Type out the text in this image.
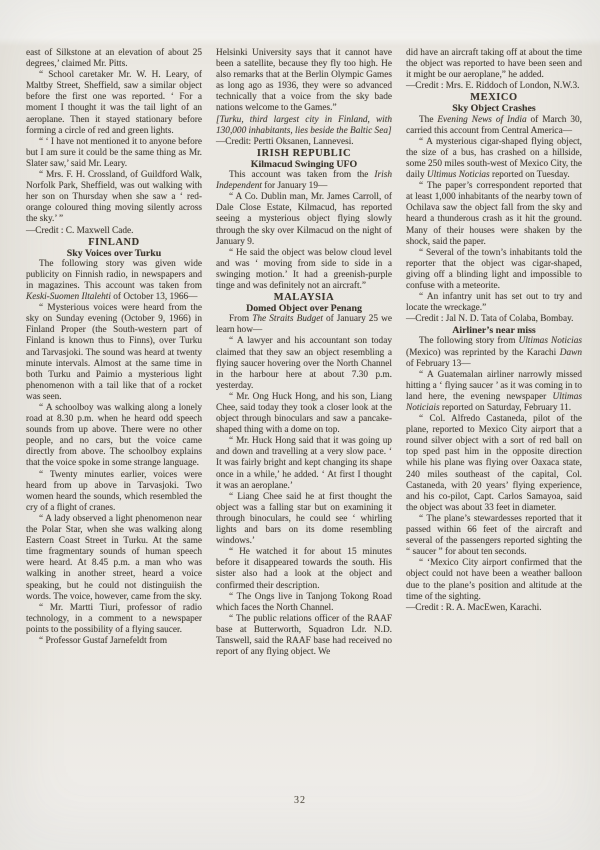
east of Silkstone at an elevation of about 25 degrees,’ claimed Mr. Pitts.

“ School caretaker Mr. W. H. Leary, of Maltby Street, Sheffield, saw a similar object before the first one was reported. ‘ For a moment I thought it was the tail light of an aeroplane. Then it stayed stationary before forming a circle of red and green lights.

“ ‘ I have not mentioned it to anyone before but I am sure it could be the same thing as Mr. Slater saw,’ said Mr. Leary.

“ Mrs. F. H. Crossland, of Guildford Walk, Norfolk Park, Sheffield, was out walking with her son on Thursday when she saw a ‘ red-orange coloured thing moving silently across the sky.’ ”

—Credit : C. Maxwell Cade.

FINLAND
Sky Voices over Turku

The following story was given wide publicity on Finnish radio, in newspapers and in magazines. This account was taken from Keski-Suomen Iltalehti of October 13, 1966—

“ Mysterious voices were heard from the sky on Sunday evening (October 9, 1966) in Finland Proper (the South-western part of Finland is known thus to Finns), over Turku and Tarvasjoki. The sound was heard at twenty minute intervals. Almost at the same time in both Turku and Paimio a mysterious light phenomenon with a tail like that of a rocket was seen.

“ A schoolboy was walking along a lonely road at 8.30 p.m. when he heard odd speech sounds from up above. There were no other people, and no cars, but the voice came directly from above. The schoolboy explains that the voice spoke in some strange language.

“ Twenty minutes earlier, voices were heard from up above in Tarvasjoki. Two women heard the sounds, which resembled the cry of a flight of cranes.

“ A lady observed a light phenomenon near the Polar Star, when she was walking along Eastern Coast Street in Turku. At the same time fragmentary sounds of human speech were heard. At 8.45 p.m. a man who was walking in another street, heard a voice speaking, but he could not distinguiish the words. The voice, however, came from the sky.

“ Mr. Martti Tiuri, professor of radio technology, in a comment to a newspaper points to the possibility of a flying saucer.

“ Professor Gustaf Jarnefeldt from

Helsinki University says that it cannot have been a satellite, because they fly too high. He also remarks that at the Berlin Olympic Games as long ago as 1936, they were so advanced technically that a voice from the sky bade nations welcome to the Games.”

[Turku, third largest city in Finland, with 130,000 inhabitants, lies beside the Baltic Sea]

—Credit: Pertti Oksanen, Lannevesi.

IRISH REPUBLIC
Kilmacud Swinging UFO

This account was taken from the Irish Independent for January 19—

“ A Co. Dublin man, Mr. James Carroll, of Dale Close Estate, Kilmacud, has reported seeing a mysterious object flying slowly through the sky over Kilmacud on the night of January 9.

“ He said the object was below cloud level and was ‘ moving from side to side in a swinging motion.’ It had a greenish-purple tinge and was definitely not an aircraft.”

MALAYSIA
Domed Object over Penang

From The Straits Budget of January 25 we learn how—

“ A lawyer and his accountant son today claimed that they saw an object resembling a flying saucer hovering over the North Channel in the harbour here at about 7.30 p.m. yesterday.

“ Mr. Ong Huck Hong, and his son, Liang Chee, said today they took a closer look at the object through binoculars and saw a pancake-shaped thing with a dome on top.

“ Mr. Huck Hong said that it was going up and down and travelling at a very slow pace. ‘ It was fairly bright and kept changing its shape once in a while,’ he added. ‘ At first I thought it was an aeroplane.’

“ Liang Chee said he at first thought the object was a falling star but on examining it through binoculars, he could see ‘ whirling lights and bars on its dome resembling windows.’

“ He watched it for about 15 minutes before it disappeared towards the south. His sister also had a look at the object and confirmed their description.

“ The Ongs live in Tanjong Tokong Road which faces the North Channel.

“ The public relations officer of the RAAF base at Butterworth, Squadron Ldr. N.D. Tanswell, said the RAAF base had received no report of any flying object. We

did have an aircraft taking off at about the time the object was reported to have been seen and it might be our aeroplane,” he added.

—Credit : Mrs. E. Riddoch of London, N.W.3.

MEXICO
Sky Object Crashes

The Evening News of India of March 30, carried this account from Central America—

“ A mysterious cigar-shaped flying object, the size of a bus, has crashed on a hillside, some 250 miles south-west of Mexico City, the daily Ultimus Noticias reported on Tuesday.

“ The paper’s correspondent reported that at least 1,000 inhabitants of the nearby town of Ochilava saw the object fall from the sky and heard a thunderous crash as it hit the ground. Many of their houses were shaken by the shock, said the paper.

“ Several of the town’s inhabitants told the reporter that the object was cigar-shaped, giving off a blinding light and impossible to confuse with a meteorite.

“ An infantry unit has set out to try and locate the wreckage.”

—Credit : Jal N. D. Tata of Colaba, Bombay.

Airliner’s near miss

The following story from Ultimas Noticias (Mexico) was reprinted by the Karachi Dawn of February 13—

“ A Guatemalan airliner narrowly missed hitting a ‘ flying saucer ’ as it was coming in to land here, the evening newspaper Ultimas Noticiais reported on Saturday, February 11.

“ Col. Alfredo Castaneda, pilot of the plane, reported to Mexico City airport that a round silver object with a sort of red ball on top sped past him in the opposite direction while his plane was flying over Oaxaca state, 240 miles southeast of the capital, Col. Castaneda, with 20 years’ flying experience, and his co-pilot, Capt. Carlos Samayoa, said the object was about 33 feet in diameter.

“ The plane’s stewardesses reported that it passed within 66 feet of the aircraft and several of the passengers reported sighting the “ saucer ” for about ten seconds.

“ ‘Mexico City airport confirmed that the object could not have been a weather balloon due to the plane’s position and altitude at the time of the sighting.

—Credit : R. A. MacEwen, Karachi.

32
